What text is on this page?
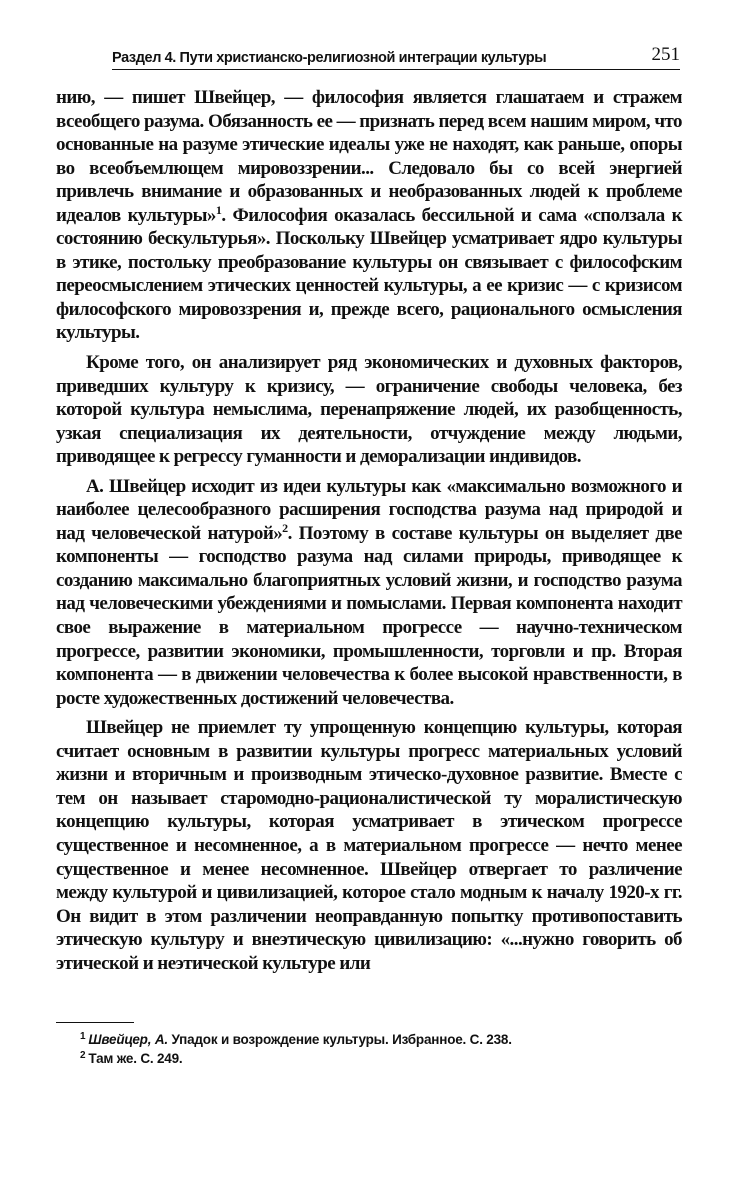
Раздел 4. Пути христианско-религиозной интеграции культуры	251

нию, — пишет Швейцер, — философия является глашатаем и стражем всеобщего разума. Обязанность ее — признать перед всем нашим миром, что основанные на разуме этические идеалы уже не находят, как раньше, опоры во всеобъемлющем мировоззрении... Следовало бы со всей энергией привлечь внимание и образованных и необразованных людей к проблеме идеалов культуры»$^1$. Философия оказалась бессильной и сама «сползала к состоянию бескультурья». Поскольку Швейцер усматривает ядро культуры в этике, постольку преобразование культуры он связывает с философским переосмыслением этических ценностей культуры, а ее кризис — с кризисом философского мировоззрения и, прежде всего, рационального осмысления культуры.

Кроме того, он анализирует ряд экономических и духовных факторов, приведших культуру к кризису, — ограничение свободы человека, без которой культура немыслима, перенапряжение людей, их разобщенность, узкая специализация их деятельности, отчуждение между людьми, приводящее к регрессу гуманности и деморализации индивидов.

А. Швейцер исходит из идеи культуры как «максимально возможного и наиболее целесообразного расширения господства разума над природой и над человеческой натурой»$^2$. Поэтому в составе культуры он выделяет две компоненты — господство разума над силами природы, приводящее к созданию максимально благоприятных условий жизни, и господство разума над человеческими убеждениями и помыслами. Первая компонента находит свое выражение в материальном прогрессе — научно-техническом прогрессе, развитии экономики, промышленности, торговли и пр. Вторая компонента — в движении человечества к более высокой нравственности, в росте художественных достижений человечества.

Швейцер не приемлет ту упрощенную концепцию культуры, которая считает основным в развитии культуры прогресс материальных условий жизни и вторичным и производным этическо-духовное развитие. Вместе с тем он называет старомодно-рационалистической ту моралистическую концепцию культуры, которая усматривает в этическом прогрессе существенное и несомненное, а в материальном прогрессе — нечто менее существенное и менее несомненное. Швейцер отвергает то различение между культурой и цивилизацией, которое стало модным к началу 1920-х гг. Он видит в этом различении неоправданную попытку противопоставить этическую культуру и внеэтическую цивилизацию: «...нужно говорить об этической и неэтической культуре или

$^1$ Швейцер, А. Упадок и возрождение культуры. Избранное. С. 238.
$^2$ Там же. С. 249.
